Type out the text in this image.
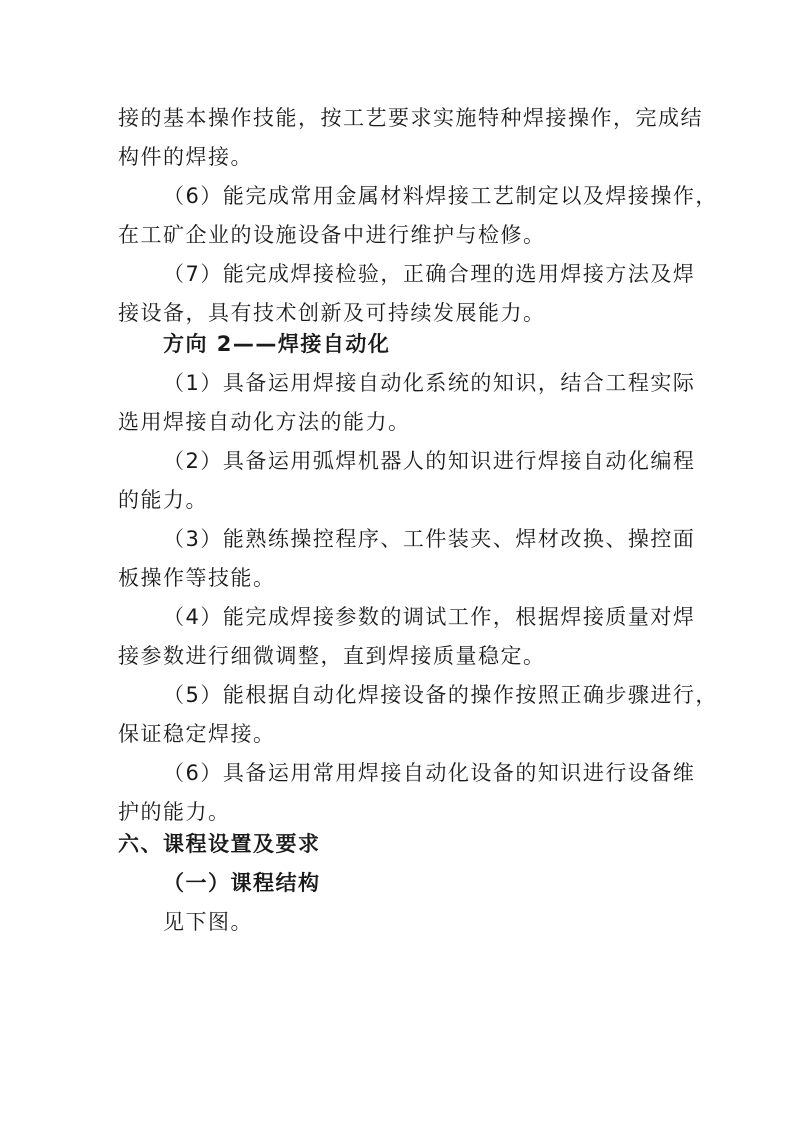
接的基本操作技能，按工艺要求实施特种焊接操作，完成结
构件的焊接。
（6）能完成常用金属材料焊接工艺制定以及焊接操作，
在工矿企业的设施设备中进行维护与检修。
（7）能完成焊接检验，正确合理的选用焊接方法及焊
接设备，具有技术创新及可持续发展能力。
方向 2——焊接自动化
（1）具备运用焊接自动化系统的知识，结合工程实际
选用焊接自动化方法的能力。
（2）具备运用弧焊机器人的知识进行焊接自动化编程
的能力。
（3）能熟练操控程序、工件装夹、焊材改换、操控面
板操作等技能。
（4）能完成焊接参数的调试工作，根据焊接质量对焊
接参数进行细微调整，直到焊接质量稳定。
（5）能根据自动化焊接设备的操作按照正确步骤进行，
保证稳定焊接。
（6）具备运用常用焊接自动化设备的知识进行设备维
护的能力。
六、课程设置及要求
（一）课程结构
见下图。
